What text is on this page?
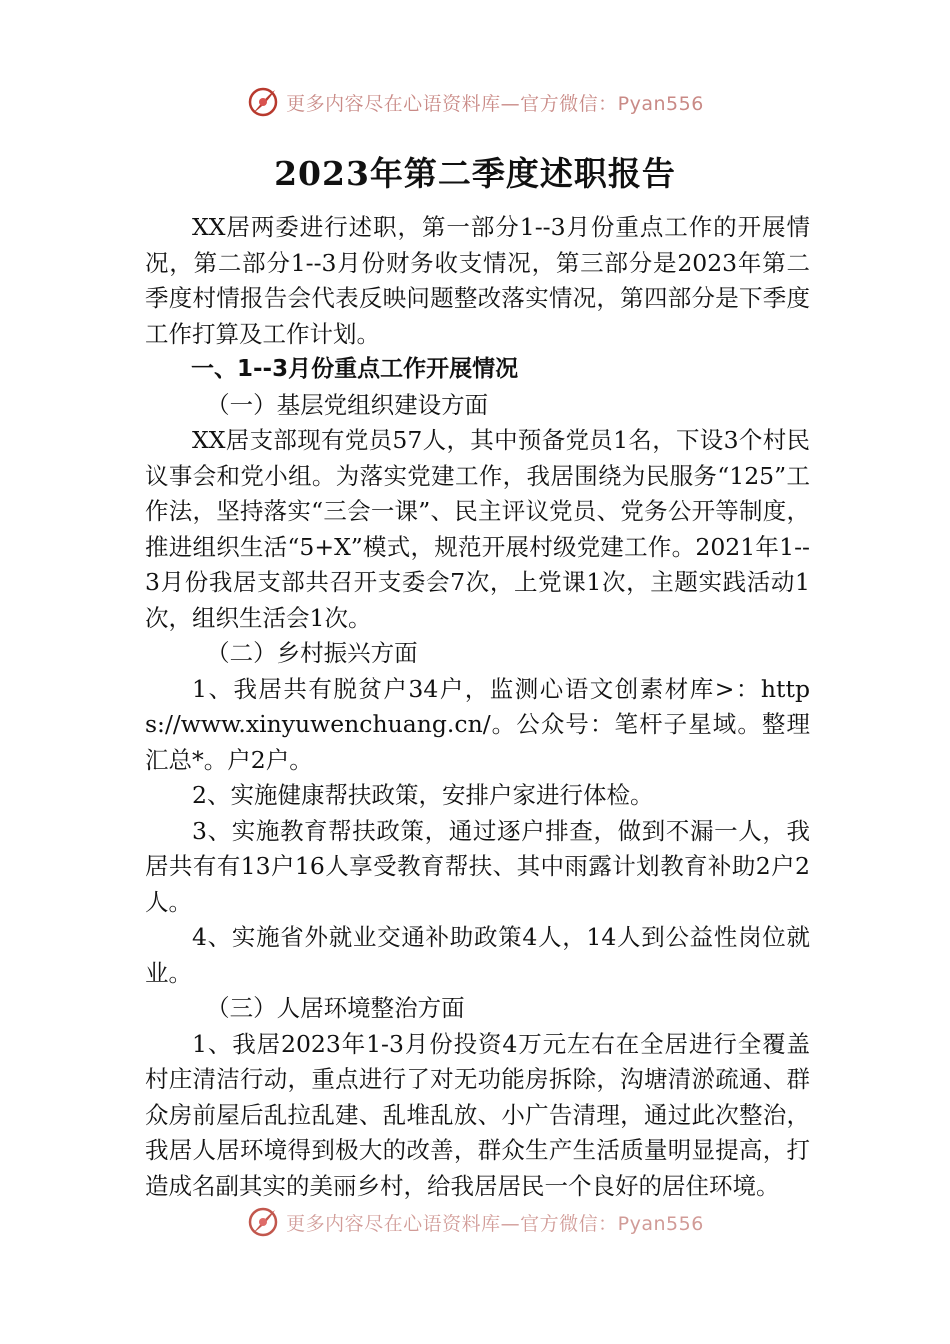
更多内容尽在心语资料库—官方微信：Pyan556
2023年第二季度述职报告

XX居两委进行述职，第一部分1--3月份重点工作的开展情况，第二部分1--3月份财务收支情况，第三部分是2023年第二季度村情报告会代表反映问题整改落实情况，第四部分是下季度工作打算及工作计划。

一、1--3月份重点工作开展情况

（一）基层党组织建设方面

XX居支部现有党员57人，其中预备党员1名，下设3个村民议事会和党小组。为落实党建工作，我居围绕为民服务“125”工作法，坚持落实“三会一课”、民主评议党员、党务公开等制度，推进组织生活“5+X”模式，规范开展村级党建工作。2021年1--3月份我居支部共召开支委会7次，上党课1次，主题实践活动1次，组织生活会1次。

（二）乡村振兴方面

1、我居共有脱贫户34户，监测心语文创素材库>：https://www.xinyuwenchuang.cn/。公众号：笔杆子星域。整理汇总*。户2户。

2、实施健康帮扶政策，安排户家进行体检。

3、实施教育帮扶政策，通过逐户排查，做到不漏一人，我居共有有13户16人享受教育帮扶、其中雨露计划教育补助2户2人。

4、实施省外就业交通补助政策4人，14人到公益性岗位就业。

（三）人居环境整治方面

1、我居2023年1-3月份投资4万元左右在全居进行全覆盖村庄清洁行动，重点进行了对无功能房拆除，沟塘清淤疏通、群众房前屋后乱拉乱建、乱堆乱放、小广告清理，通过此次整治，我居人居环境得到极大的改善，群众生产生活质量明显提高，打造成名副其实的美丽乡村，给我居居民一个良好的居住环境。

更多内容尽在心语资料库—官方微信：Pyan556
